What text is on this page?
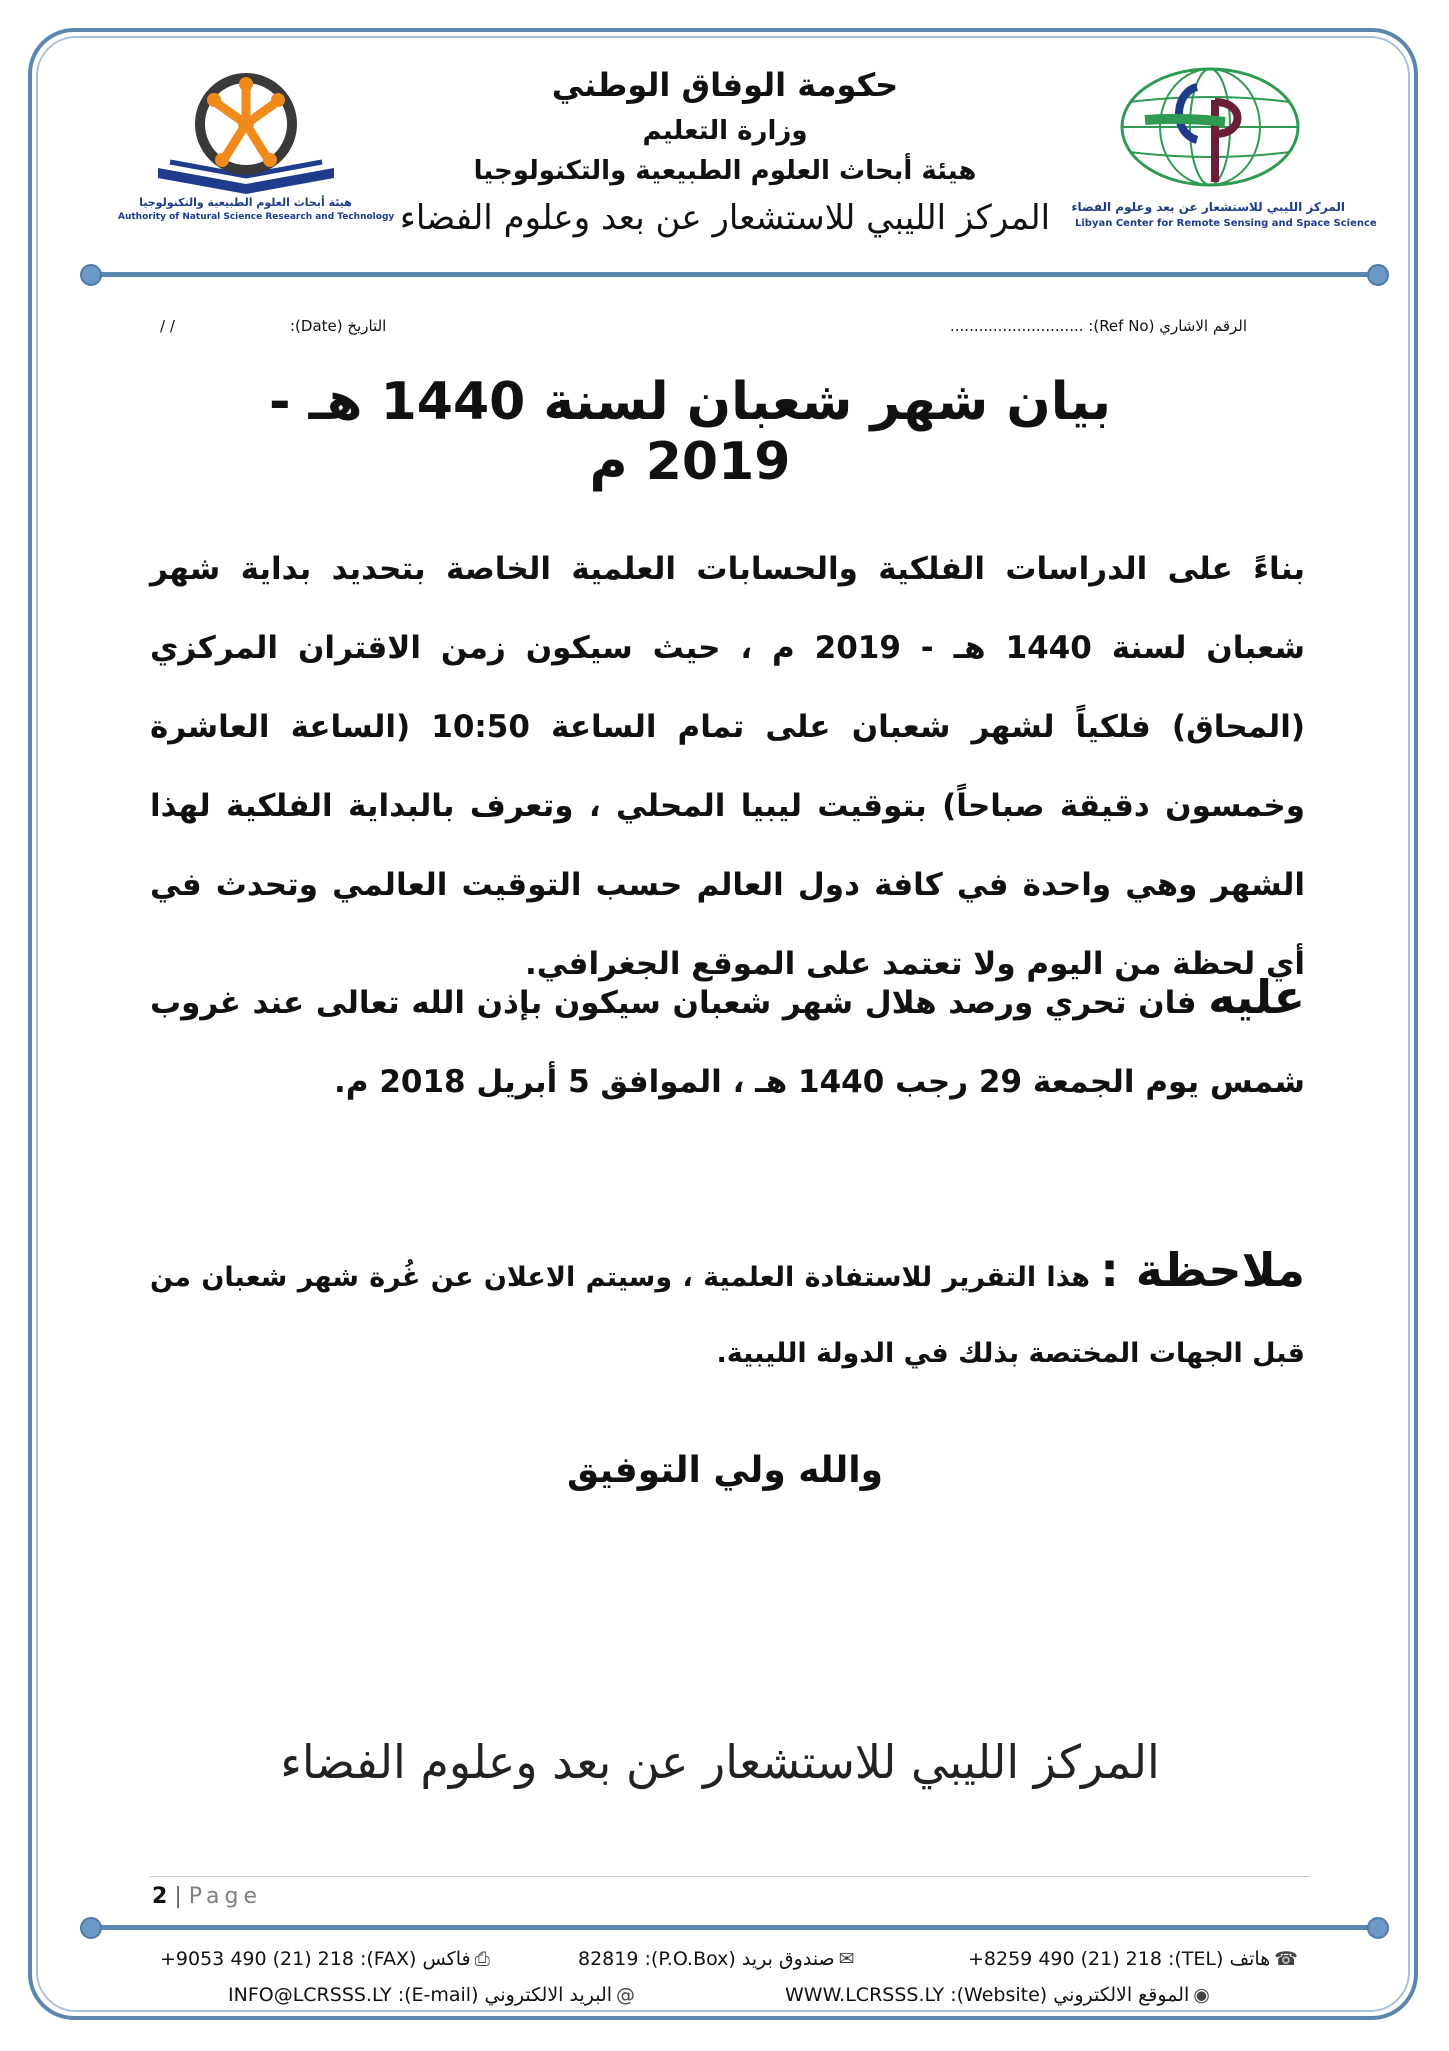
هيئة أبحاث العلوم الطبيعية والتكنولوجيا
Authority of Natural Science Research and Technology
المركز الليبي للاستشعار عن بعد وعلوم الفضاء
Libyan Center for Remote Sensing and Space Science
حكومة الوفاق الوطني
وزارة التعليم
هيئة أبحاث العلوم الطبيعية والتكنولوجيا
المركز الليبي للاستشعار عن بعد وعلوم الفضاء
الرقم الاشاري (Ref No): ............................
التاريخ (Date):
/ /
بيان شهر شعبان لسنة 1440 هـ - 2019 م
بناءً على الدراسات الفلكية والحسابات العلمية الخاصة بتحديد بداية شهر شعبان لسنة 1440 هـ - 2019 م ، حيث سيكون زمن الاقتران المركزي (المحاق) فلكياً لشهر شعبان على تمام الساعة 10:50 (الساعة العاشرة وخمسون دقيقة صباحاً) بتوقيت ليبيا المحلي ، وتعرف بالبداية الفلكية لهذا الشهر وهي واحدة في كافة دول العالم حسب التوقيت العالمي وتحدث في أي لحظة من اليوم ولا تعتمد على الموقع الجغرافي.
عليه فان تحري ورصد هلال شهر شعبان سيكون بإذن الله تعالى عند غروب شمس يوم الجمعة 29 رجب 1440 هـ ، الموافق 5 أبريل 2018 م.
ملاحظة : هذا التقرير للاستفادة العلمية ، وسيتم الاعلان عن غُرة شهر شعبان من قبل الجهات المختصة بذلك في الدولة الليبية.
والله ولي التوفيق
المركز الليبي للاستشعار عن بعد وعلوم الفضاء
2 | Page
هاتف (TEL): 8259 490 (21) 218+ ☎
صندوق بريد (P.O.Box): 82819 ✉
فاكس (FAX): 9053 490 (21) 218+ ⎙
الموقع الالكتروني (Website): WWW.LCRSSS.LY ◉
البريد الالكتروني (E-mail): INFO@LCRSSS.LY @
